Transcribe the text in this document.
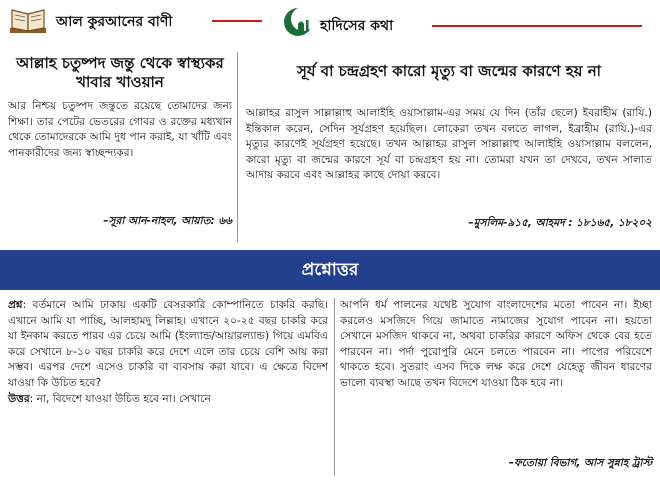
আল কুরআনের বাণী	হাদিসের কথা
আল্লাহ চতুষ্পদ জন্তু থেকে স্বাস্থ্যকর খাবার খাওয়ান

আর নিশ্চয় চতুষ্পদ জন্তুতে রয়েছে তোমাদের জন্য শিক্ষা। তার পেটের ভেতরের গোবর ও রক্তের মধ্যখান থেকে তোমাদেরকে আমি দুধ পান করাই, যা খাঁটি এবং পানকারীদের জন্য স্বাচ্ছন্দ্যকর।

–সূরা আন-নাহল, আয়াত: ৬৬
সূর্য বা চন্দ্রগ্রহণ কারো মৃত্যু বা জন্মের কারণে হয় না

আল্লাহর রাসুল সাল্লাল্লাহু আলাইহি ওয়াসাল্লাম-এর সময় যে দিন (তাঁর ছেলে) ইবরাহীম (রাযি.) ইন্তিকাল করেন, সেদিন সূর্যগ্রহণ হয়েছিল। লোকেরা তখন বলতে লাগল, ইব্রাহীম (রাযি.)-এর মৃত্যুর কারণেই সূর্যগ্রহণ হয়েছে। তখন আল্লাহর রাসুল সাল্লাল্লাহু আলাইহি ওয়াসাল্লাম বললেন, কারো মৃত্যু বা জন্মের কারণে সূর্য বা চন্দ্রগ্রহণ হয় না। তোমরা যখন তা দেখবে, তখন সালাত আদায় করবে এবং আল্লাহর কাছে দোয়া করবে।

–মুসলিম-৯১৫, আহমদ : ১৮১৬৫, ১৮২০২
প্রশ্নোত্তর

প্রশ্ন: বর্তমানে আমি ঢাকায় একটি বেসরকারি কোম্পানিতে চাকরি করছি। এখানে আমি যা পাচ্ছি, আলহামদু লিল্লাহ। এখানে ২০-২৫ বছর চাকরি করে যা ইনকাম করতে পারব এর চেয়ে আমি (ইংল্যান্ড/আয়ারল্যান্ড) গিয়ে এমবিএ করে সেখানে ৮-১০ বছর চাকরি করে দেশে এলে তার চেয়ে বেশি আয় করা সম্ভব। এরপর দেশে এসেও চাকরি বা ব্যবসায় করা যাবে। এ ক্ষেত্রে বিদেশ যাওয়া কি উচিত হবে?

উত্তর: না, বিদেশে যাওয়া উচিত হবে না। সেখানে

আপনি ধর্ম পালনের যথেষ্ট সুযোগ বাংলাদেশের মতো পাবেন না। ইচ্ছা করলেও মসজিদে গিয়ে জামাতে নামাজের সুযোগ পাবেন না। হয়তো সেখানে মসজিদ থাকবে না, অথবা চাকরির কারণে অফিস থেকে বের হতে পারবেন না। পর্দা পুরোপুরি মেনে চলতে পারবেন না। পাপের পরিবেশে থাকতে হবে। সুতরাং এসব দিকে লক্ষ করে দেশে যেহেতু জীবন ধারণের ভালো ব্যবস্থা আছে তখন বিদেশে যাওয়া ঠিক হবে না।

–ফতোয়া বিভাগ, আস সুন্নাহ ট্রাস্ট
